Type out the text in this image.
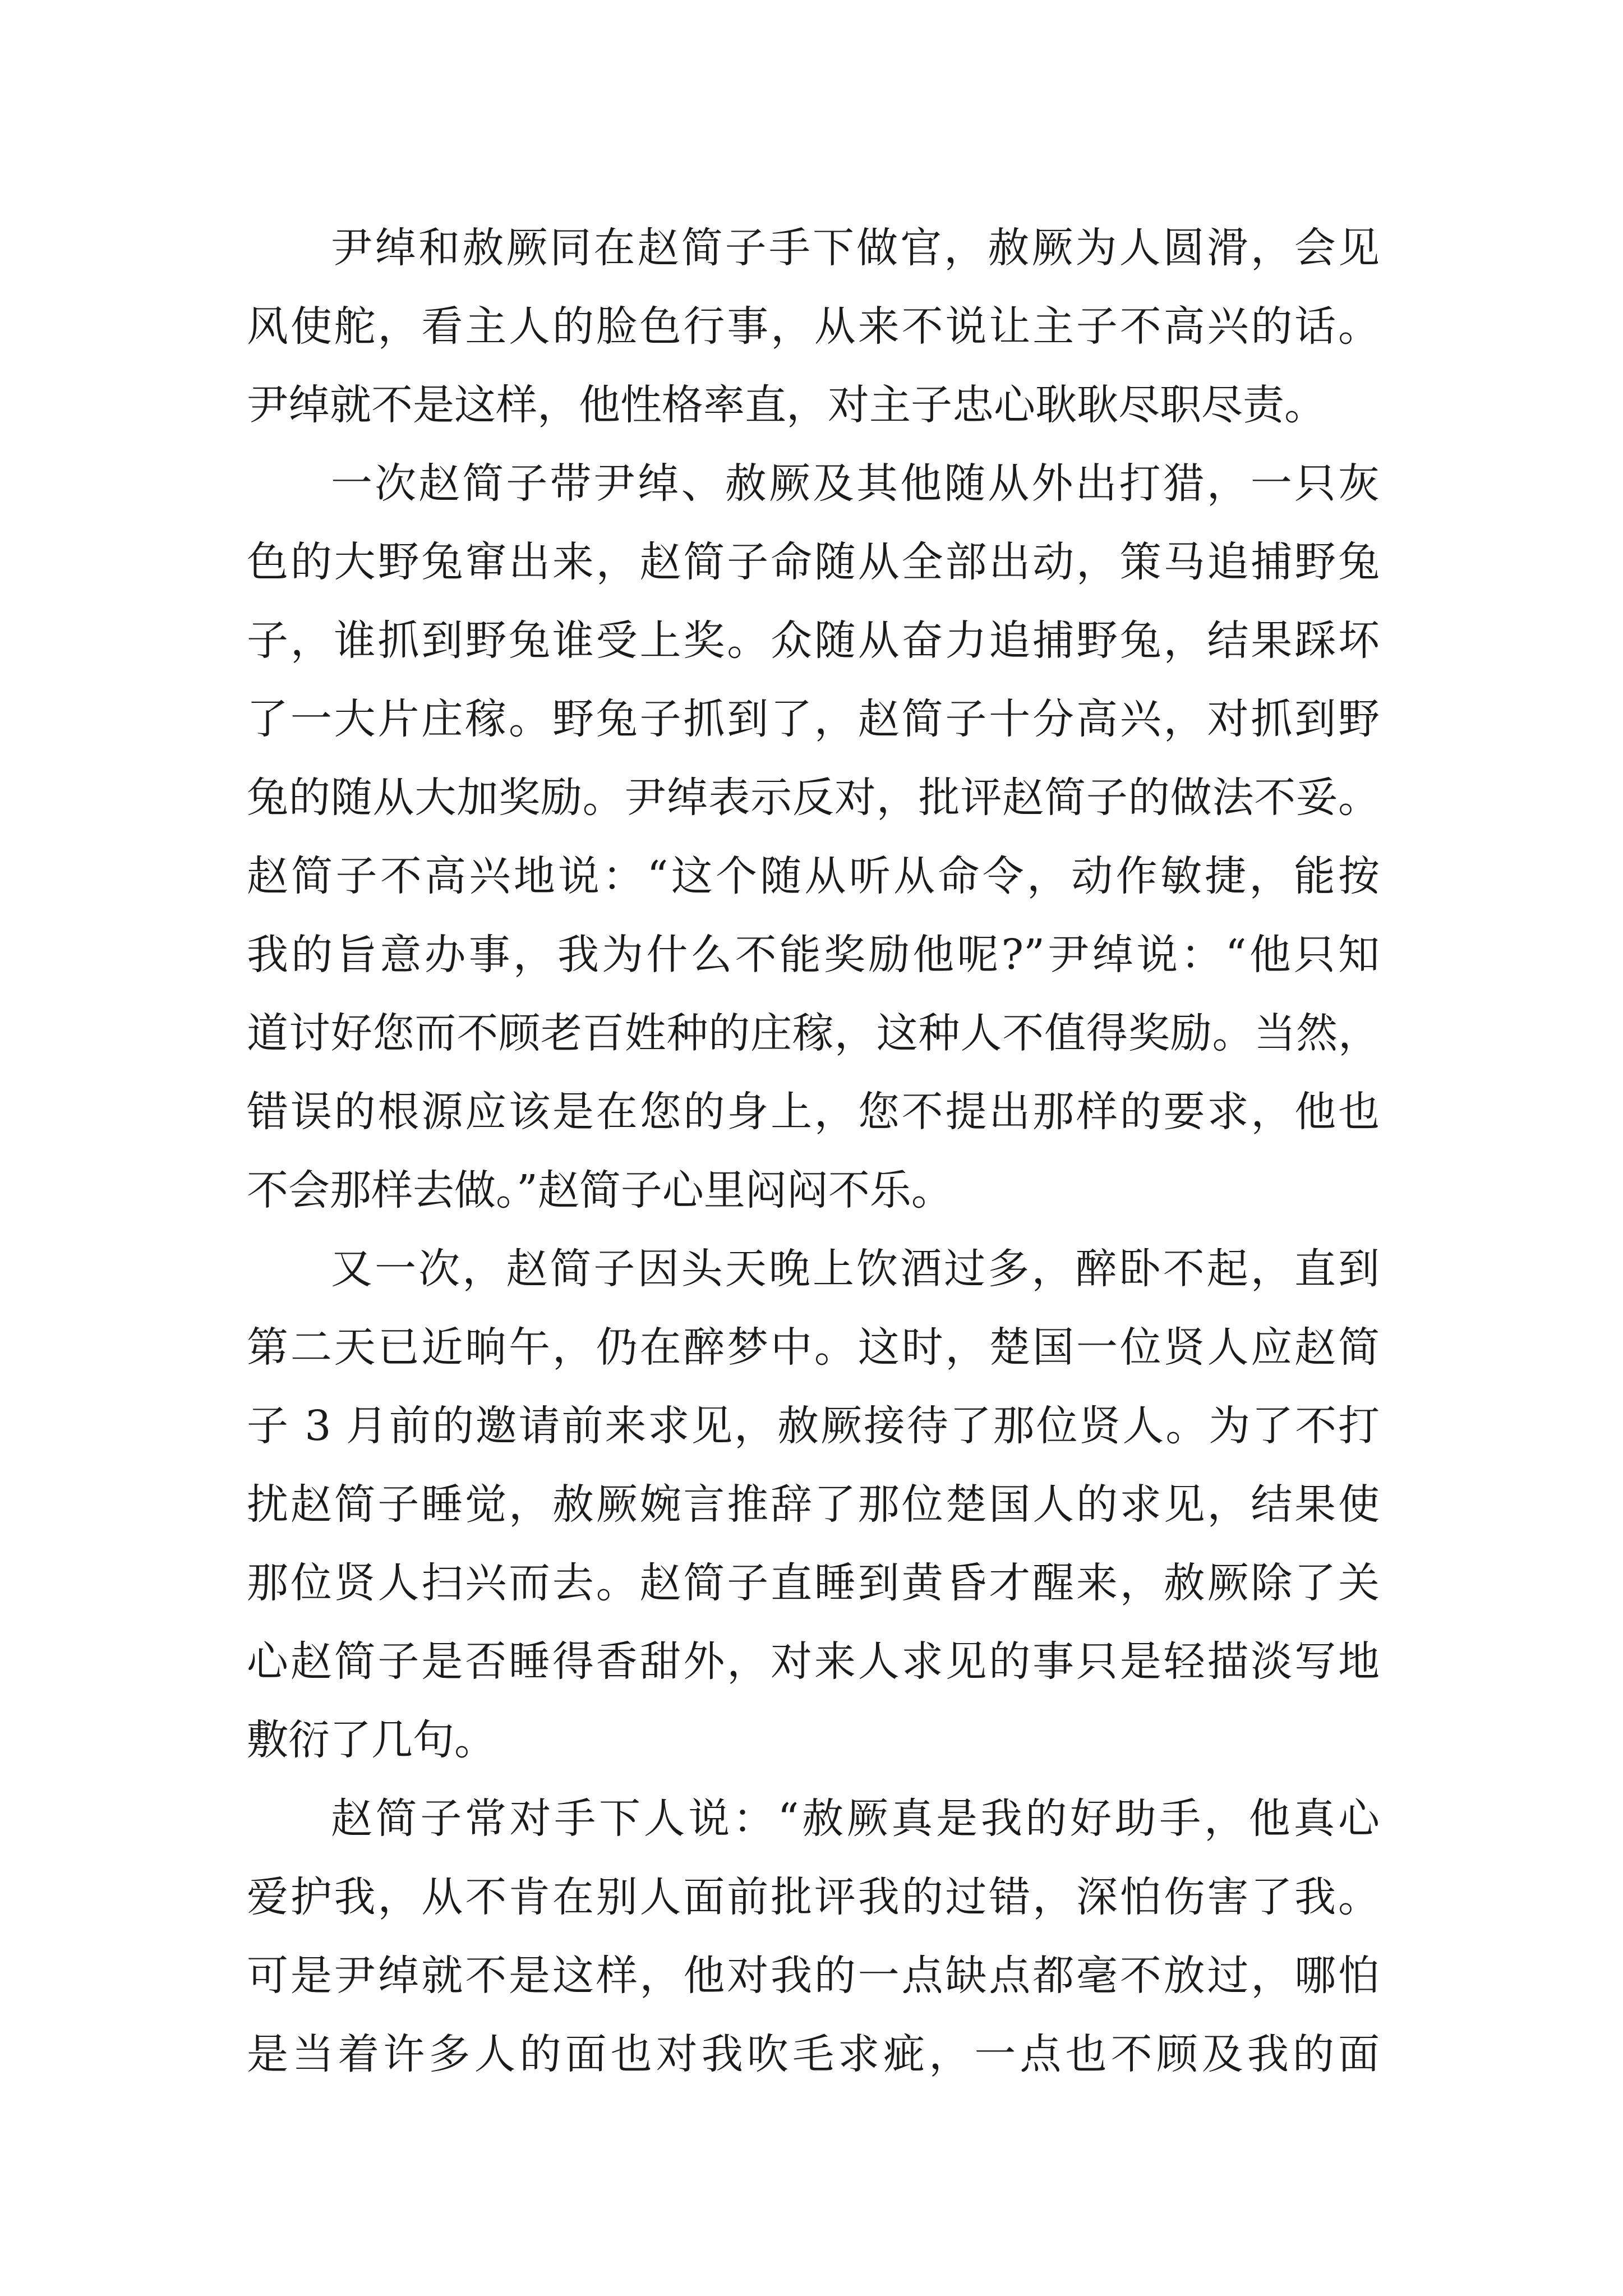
尹绰和赦厥同在赵简子手下做官，赦厥为人圆滑，会见
风使舵，看主人的脸色行事，从来不说让主子不高兴的话。
尹绰就不是这样，他性格率直，对主子忠心耿耿尽职尽责。
一次赵简子带尹绰、赦厥及其他随从外出打猎，一只灰
色的大野兔窜出来，赵简子命随从全部出动，策马追捕野兔
子，谁抓到野兔谁受上奖。众随从奋力追捕野兔，结果踩坏
了一大片庄稼。野兔子抓到了，赵简子十分高兴，对抓到野
兔的随从大加奖励。尹绰表示反对，批评赵简子的做法不妥。
赵简子不高兴地说：“这个随从听从命令，动作敏捷，能按
我的旨意办事，我为什么不能奖励他呢?”尹绰说：“他只知
道讨好您而不顾老百姓种的庄稼，这种人不值得奖励。当然，
错误的根源应该是在您的身上，您不提出那样的要求，他也
不会那样去做。”赵简子心里闷闷不乐。
又一次，赵简子因头天晚上饮酒过多，醉卧不起，直到
第二天已近晌午，仍在醉梦中。这时，楚国一位贤人应赵简
子 3 月前的邀请前来求见，赦厥接待了那位贤人。为了不打
扰赵简子睡觉，赦厥婉言推辞了那位楚国人的求见，结果使
那位贤人扫兴而去。赵简子直睡到黄昏才醒来，赦厥除了关
心赵简子是否睡得香甜外，对来人求见的事只是轻描淡写地
敷衍了几句。
赵简子常对手下人说：“赦厥真是我的好助手，他真心
爱护我，从不肯在别人面前批评我的过错，深怕伤害了我。
可是尹绰就不是这样，他对我的一点缺点都毫不放过，哪怕
是当着许多人的面也对我吹毛求疵，一点也不顾及我的面
